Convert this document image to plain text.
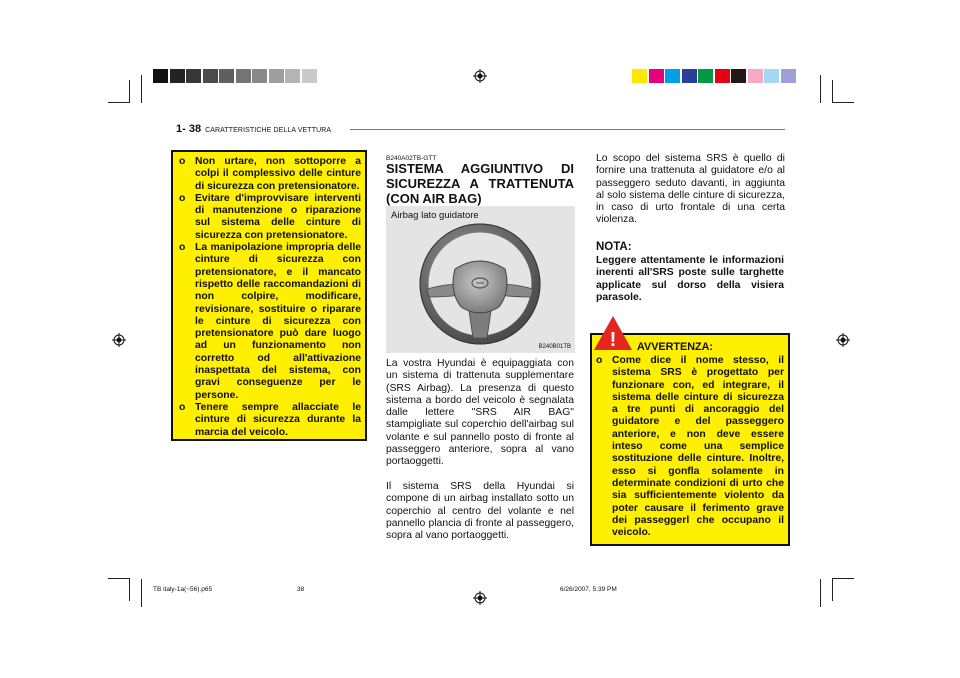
1- 38 CARATTERISTICHE DELLA VETTURA
o Non urtare, non sottoporre a colpi il complessivo delle cinture di sicurezza con pretensionatore.
o Evitare d'improvvisare interventi di manutenzione o riparazione sul sistema delle cinture di sicurezza con pretensionatore.
o La manipolazione impropria delle cinture di sicurezza con pretensionatore, e il mancato rispetto delle raccomandazioni di non colpire, modificare, revisionare, sostituire o riparare le cinture di sicurezza con pretensionatore può dare luogo ad un funzionamento non corretto od all'attivazione inaspettata del sistema, con gravi conseguenze per le persone.
o Tenere sempre allacciate le cinture di sicurezza durante la marcia del veicolo.
B240A02TB-GTT
SISTEMA AGGIUNTIVO DI SICUREZZA A TRATTENUTA (CON AIR BAG)
Airbag lato guidatore
B240B01TB

La vostra Hyundai è equipaggiata con un sistema di trattenuta supplementare (SRS Airbag). La presenza di questo sistema a bordo del veicolo è segnalata dalle lettere "SRS AIR BAG" stampigliate sul coperchio dell'airbag sul volante e sul pannello posto di fronte al passeggero anteriore, sopra al vano portaoggetti.

Il sistema SRS della Hyundai si compone di un airbag installato sotto un coperchio al centro del volante e nel pannello plancia di fronte al passeggero, sopra al vano portaoggetti.

Lo scopo del sistema SRS è quello di fornire una trattenuta al guidatore e/o al passeggero seduto davanti, in aggiunta al solo sistema delle cinture di sicurezza, in caso di urto frontale di una certa violenza.

NOTA:
Leggere attentamente le informazioni inerenti all'SRS poste sulle targhette applicate sul dorso della visiera parasole.
! AVVERTENZA:
o Come dice il nome stesso, il sistema SRS è progettato per funzionare con, ed integrare, il sistema delle cinture di sicurezza a tre punti di ancoraggio del guidatore e del passeggero anteriore, e non deve essere inteso come una semplice sostituzione delle cinture. Inoltre, esso si gonfla solamente in determinate condizioni di urto che sia sufficientemente violento da poter causare il ferimento grave dei passeggerl che occupano il veicolo.
TB italy-1a(~56).p65	38	6/26/2007, 5:39 PM
